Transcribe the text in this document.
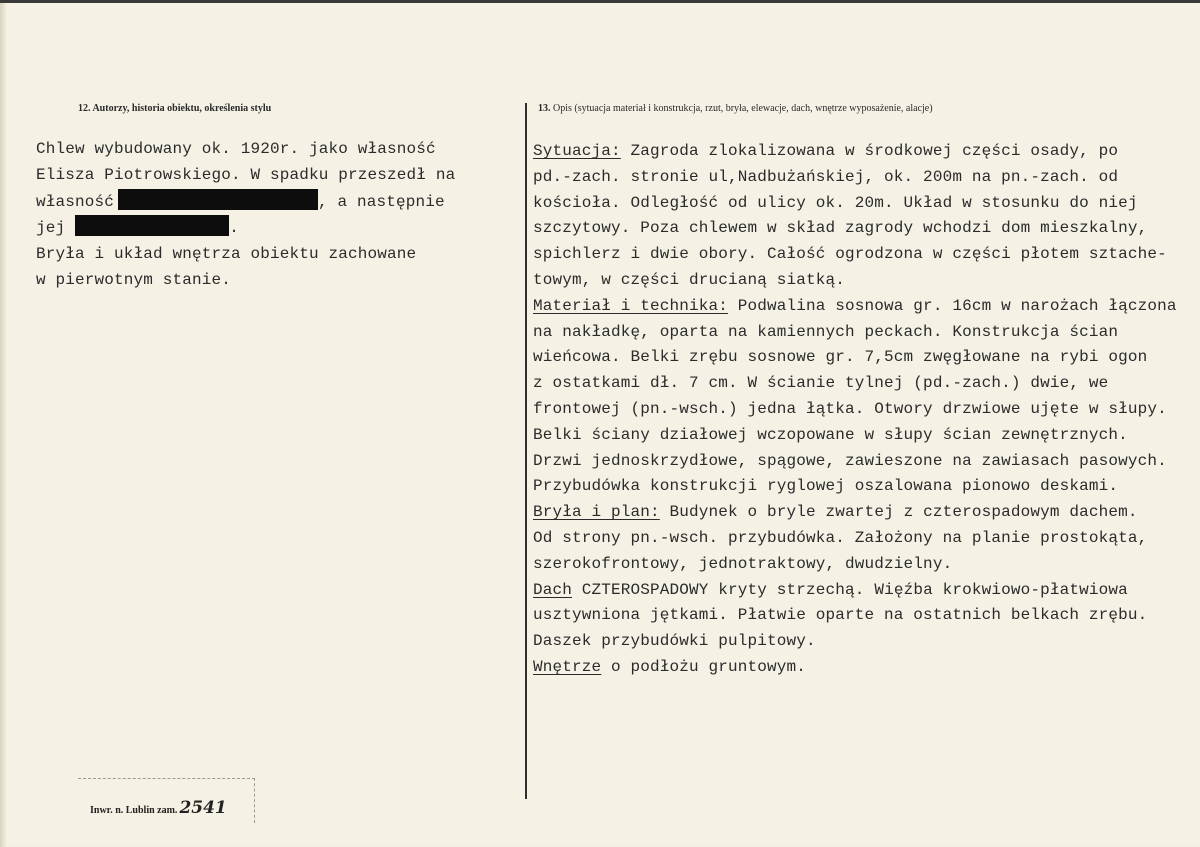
12. Autorzy, historia obiektu, określenia stylu	13. Opis (sytuacja materiał i konstrukcja, rzut, bryła, elewacje, dach, wnętrze wyposażenie, alacje)
Chlew wybudowany ok. 1920r. jako własność
Elisza Piotrowskiego. W spadku przeszedł na
własność	, a następnie
jej	.
Bryła i układ wnętrza obiektu zachowane
w pierwotnym stanie.
Sytuacja: Zagroda zlokalizowana w środkowej części osady, po
pd.-zach. stronie ul,Nadbużańskiej, ok. 200m na pn.-zach. od
kościoła. Odległość od ulicy ok. 20m. Układ w stosunku do niej
szczytowy. Poza chlewem w skład zagrody wchodzi dom mieszkalny,
spichlerz i dwie obory. Całość ogrodzona w części płotem sztache-
towym, w części drucianą siatką.
Materiał i technika: Podwalina sosnowa gr. 16cm w narożach łączona
na nakładkę, oparta na kamiennych peckach. Konstrukcja ścian
wieńcowa. Belki zrębu sosnowe gr. 7,5cm zwęgłowane na rybi ogon
z ostatkami dł. 7 cm. W ścianie tylnej (pd.-zach.) dwie, we
frontowej (pn.-wsch.) jedna łątka. Otwory drzwiowe ujęte w słupy.
Belki ściany działowej wczopowane w słupy ścian zewnętrznych.
Drzwi jednoskrzydłowe, spągowe, zawieszone na zawiasach pasowych.
Przybudówka konstrukcji ryglowej oszalowana pionowo deskami.
Bryła i plan: Budynek o bryle zwartej z czterospadowym dachem.
Od strony pn.-wsch. przybudówka. Założony na planie prostokąta,
szerokofrontowy, jednotraktowy, dwudzielny.
Dach CZTEROSPADOWY kryty strzechą. Więźba krokwiowo-płatwiowa
usztywniona jętkami. Płatwie oparte na ostatnich belkach zrębu.
Daszek przybudówki pulpitowy.
Wnętrze o podłożu gruntowym.
Inwr. n. Lublin zam. 2541
